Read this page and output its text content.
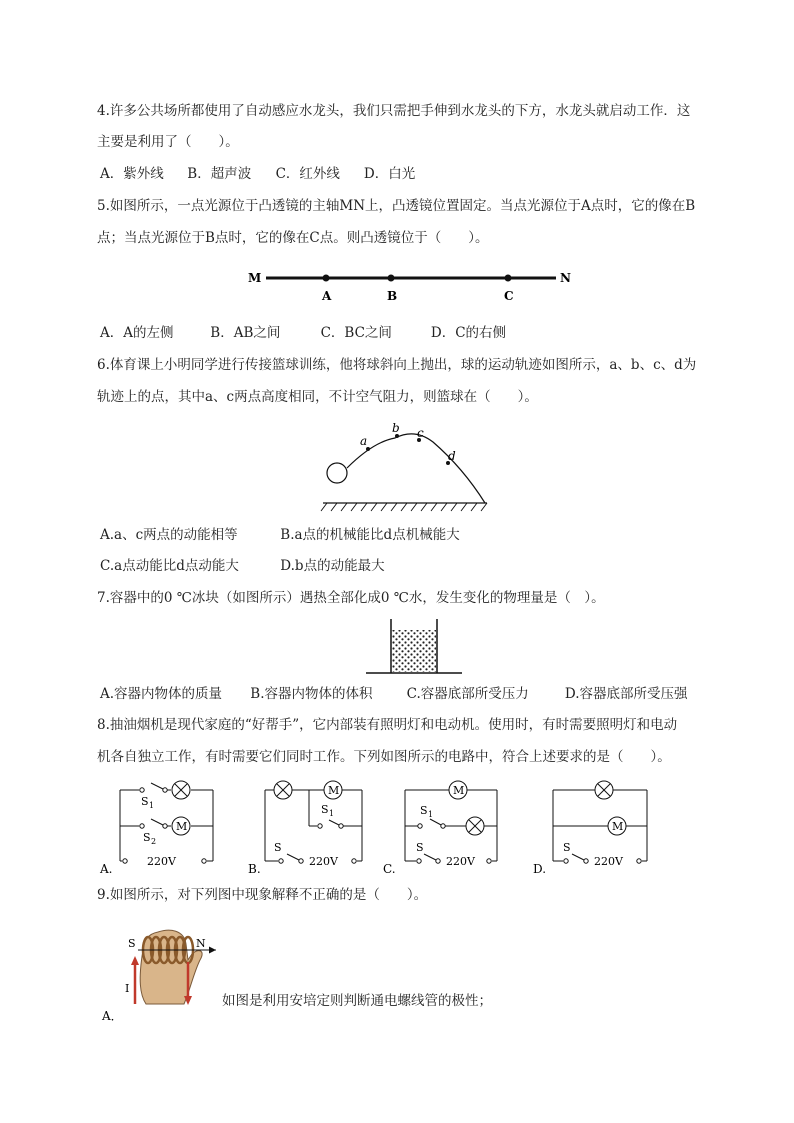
4.许多公共场所都使用了自动感应水龙头，我们只需把手伸到水龙头的下方，水龙头就启动工作．这
主要是利用了（　　）。
A．紫外线 B．超声波 C．红外线 D．白光
5.如图所示，一点光源位于凸透镜的主轴MN上，凸透镜位置固定。当点光源位于A点时，它的像在B
点；当点光源位于B点时，它的像在C点。则凸透镜位于（　　）。
M	N
A	B	C
A．A的左侧	B．AB之间	C．BC之间	D．C的右侧
6.体育课上小明同学进行传接篮球训练，他将球斜向上抛出，球的运动轨迹如图所示，a、b、c、d为
轨迹上的点，其中a、c两点高度相同，不计空气阻力，则篮球在（　　）。
a
b c
d
A.a、c两点的动能相等	B.a点的机械能比d点机械能大
C.a点动能比d点动能大	D.b点的动能最大
7.容器中的0 ℃冰块（如图所示）遇热全部化成0 ℃水，发生变化的物理量是（　）。
A.容器内物体的质量 B.容器内物体的体积	C.容器底部所受压力	D.容器底部所受压强
8.抽油烟机是现代家庭的“好帮手”，它内部装有照明灯和电动机。使用时，有时需要照明灯和电动
机各自独立工作，有时需要它们同时工作。下列如图所示的电路中，符合上述要求的是（　　）。
A.
M
S 1
S 2
220V
B.
M
S 1
S
220V
C.
M
S 1
S
220V
D.
M
S
220V
9.如图所示，对下列图中现象解释不正确的是（　　）。
A．
S	N
I
如图是利用安培定则判断通电螺线管的极性；
